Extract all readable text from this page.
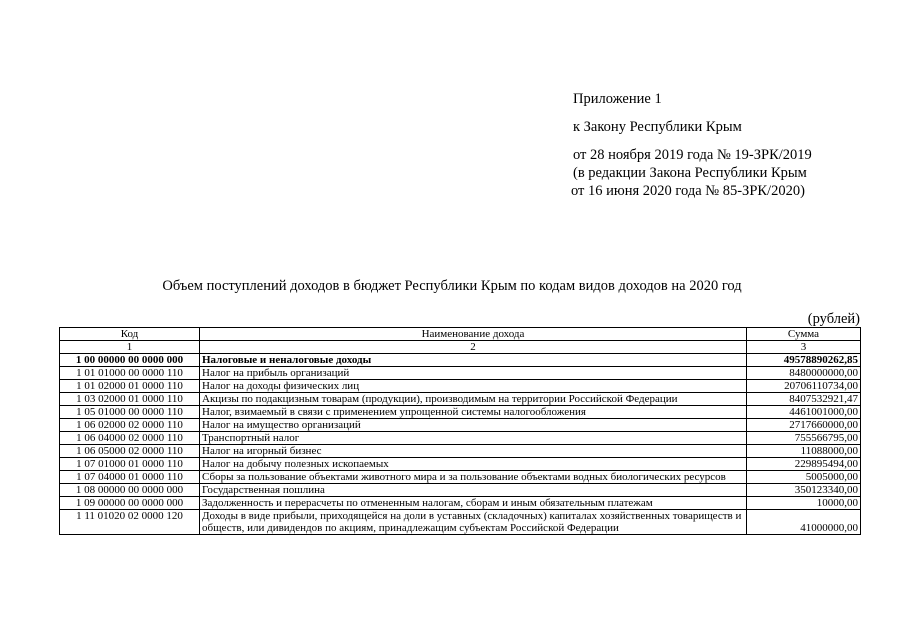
Приложение 1
к Закону Республики Крым
от 28 ноября 2019 года № 19-ЗРК/2019
(в редакции Закона Республики Крым
от 16 июня 2020 года № 85-ЗРК/2020)
Объем поступлений доходов в бюджет Республики Крым по кодам видов доходов на 2020 год
(рублей)
Код	Наименование дохода	Сумма
1	2	3
1 00 00000 00 0000 000	Налоговые и неналоговые доходы	49578890262,85
1 01 01000 00 0000 110	Налог на прибыль организаций	8480000000,00
1 01 02000 01 0000 110	Налог на доходы физических лиц	20706110734,00
1 03 02000 01 0000 110	Акцизы по подакцизным товарам (продукции), производимым на территории Российской Федерации	8407532921,47
1 05 01000 00 0000 110	Налог, взимаемый в связи с применением упрощенной системы налогообложения	4461001000,00
1 06 02000 02 0000 110	Налог на имущество организаций	2717660000,00
1 06 04000 02 0000 110	Транспортный налог	755566795,00
1 06 05000 02 0000 110	Налог на игорный бизнес	11088000,00
1 07 01000 01 0000 110	Налог на добычу полезных ископаемых	229895494,00
1 07 04000 01 0000 110	Сборы за пользование объектами животного мира и за пользование объектами водных биологических ресурсов	5005000,00
1 08 00000 00 0000 000	Государственная пошлина	350123340,00
1 09 00000 00 0000 000	Задолженность и перерасчеты по отмененным налогам, сборам и иным обязательным платежам	10000,00
1 11 01020 02 0000 120	Доходы в виде прибыли, приходящейся на доли в уставных (складочных) капиталах хозяйственных товариществ и обществ, или дивидендов по акциям, принадлежащим субъектам Российской Федерации	41000000,00
